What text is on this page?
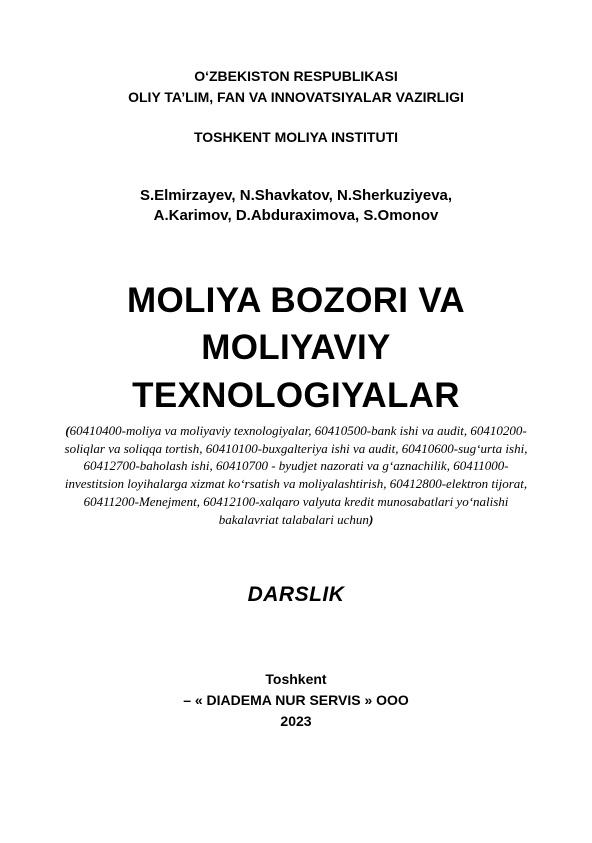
O‘ZBEKISTON RESPUBLIKASI
OLIY TA’LIM, FAN VA INNOVATSIYALAR VAZIRLIGI
TOSHKENT MOLIYA INSTITUTI
S.Elmirzayev, N.Shavkatov, N.Sherkuziyeva,
A.Karimov, D.Abduraximova, S.Omonov
MOLIYA BOZORI VA
MOLIYAVIY
TEXNOLOGIYALAR
(60410400-moliya va moliyaviy texnologiyalar, 60410500-bank ishi va audit, 60410200-soliqlar va soliqqa tortish, 60410100-buxgalteriya ishi va audit, 60410600-sug‘urta ishi, 60412700-baholash ishi, 60410700 - byudjet nazorati va g‘aznachilik, 60411000-investitsion loyihalarga xizmat ko‘rsatish va moliyalashtirish, 60412800-elektron tijorat, 60411200-Menejment, 60412100-xalqaro valyuta kredit munosabatlari yo‘nalishi bakalavriat talabalari uchun)
DARSLIK
Toshkent
– « DIADEMA NUR SERVIS » OOO
2023
